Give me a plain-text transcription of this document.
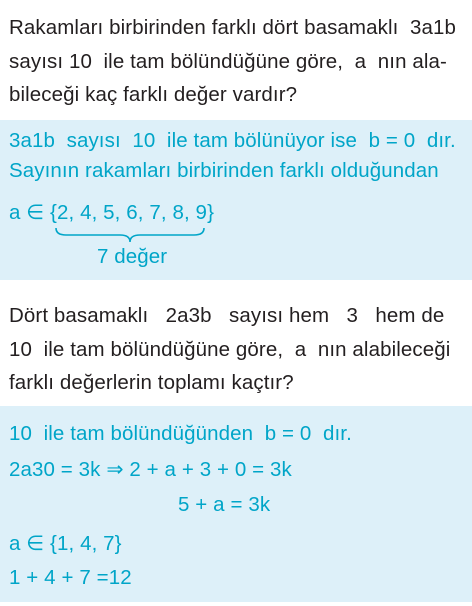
Rakamları birbirinden farklı dört basamaklı  3a1b
sayısı 10  ile tam bölündüğüne göre,  a  nın ala-
bileceği kaç farklı değer vardır?
3a1b  sayısı  10  ile tam bölünüyor ise  b = 0  dır.
Sayının rakamları birbirinden farklı olduğundan
a ∈ {2, 4, 5, 6, 7, 8, 9}
7 değer
Dört basamaklı   2a3b   sayısı hem   3   hem de
10  ile tam bölündüğüne göre,  a  nın alabileceği
farklı değerlerin toplamı kaçtır?
10  ile tam bölündüğünden  b = 0  dır.
2a30 = 3k ⇒ 2 + a + 3 + 0 = 3k
5 + a = 3k
a ∈ {1, 4, 7}
1 + 4 + 7 =12
